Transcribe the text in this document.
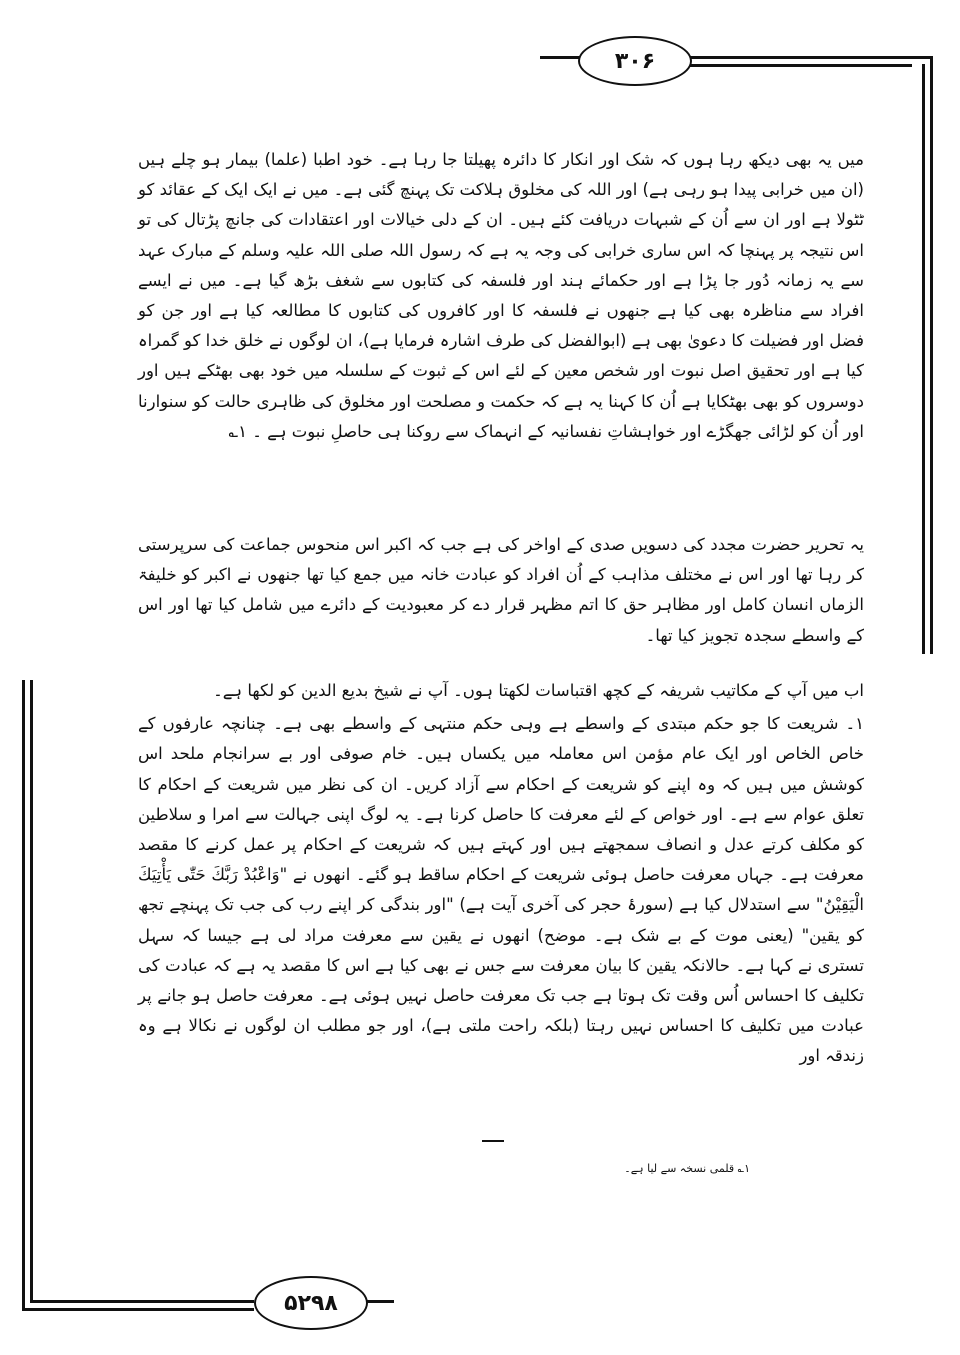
۳۰۶

میں یہ بھی دیکھ رہا ہوں کہ شک اور انکار کا دائرہ پھیلتا جا رہا ہے۔ خود اطبا (علما) بیمار ہو چلے ہیں (ان میں خرابی پیدا ہو رہی ہے) اور اللہ کی مخلوق ہلاکت تک پہنچ گئی ہے۔ میں نے ایک ایک کے عقائد کو ٹٹولا ہے اور ان سے اُن کے شبہات دریافت کئے ہیں۔ ان کے دلی خیالات اور اعتقادات کی جانچ پڑتال کی تو اس نتیجہ پر پہنچا کہ اس ساری خرابی کی وجہ یہ ہے کہ رسول اللہ صلی اللہ علیہ وسلم کے مبارک عہد سے یہ زمانہ دُور جا پڑا ہے اور حکمائے ہند اور فلسفہ کی کتابوں سے شغف بڑھ گیا ہے۔ میں نے ایسے افراد سے مناظرہ بھی کیا ہے جنھوں نے فلسفہ کا اور کافروں کی کتابوں کا مطالعہ کیا ہے اور جن کو فضل اور فضیلت کا دعویٰ بھی ہے (ابوالفضل کی طرف اشارہ فرمایا ہے)، ان لوگوں نے خلق خدا کو گمراہ کیا ہے اور تحقیق اصل نبوت اور شخص معین کے لئے اس کے ثبوت کے سلسلہ میں خود بھی بھٹکے ہیں اور دوسروں کو بھی بھٹکایا ہے اُن کا کہنا یہ ہے کہ حکمت و مصلحت اور مخلوق کی ظاہری حالت کو سنوارنا اور اُن کو لڑائی جھگڑے اور خواہشاتِ نفسانیہ کے انہماک سے روکنا ہی حاصلِ نبوت ہے ۔ ۱؎

یہ تحریر حضرت مجدد کی دسویں صدی کے اواخر کی ہے جب کہ اکبر اس منحوس جماعت کی سرپرستی کر رہا تھا اور اس نے مختلف مذاہب کے اُن افراد کو عبادت خانہ میں جمع کیا تھا جنھوں نے اکبر کو خلیفۃ الزماں انسان کامل اور مظاہر حق کا اتم مظہر قرار دے کر معبودیت کے دائرے میں شامل کیا تھا اور اس کے واسطے سجدہ تجویز کیا تھا۔

اب میں آپ کے مکاتیب شریفہ کے کچھ اقتباسات لکھتا ہوں۔ آپ نے شیخ بدیع الدین کو لکھا ہے۔

۱۔ شریعت کا جو حکم مبتدی کے واسطے ہے وہی حکم منتہی کے واسطے بھی ہے۔ چنانچہ عارفوں کے خاص الخاص اور ایک عام مؤمن اس معاملہ میں یکساں ہیں۔ خام صوفی اور بے سرانجام ملحد اس کوشش میں ہیں کہ وہ اپنے کو شریعت کے احکام سے آزاد کریں۔ ان کی نظر میں شریعت کے احکام کا تعلق عوام سے ہے۔ اور خواص کے لئے معرفت کا حاصل کرنا ہے۔ یہ لوگ اپنی جہالت سے امرا و سلاطین کو مکلف کرتے عدل و انصاف سمجھتے ہیں اور کہتے ہیں کہ شریعت کے احکام پر عمل کرنے کا مقصد معرفت ہے۔ جہاں معرفت حاصل ہوئی شریعت کے احکام ساقط ہو گئے۔ انھوں نے "وَاعْبُدْ رَبَّكَ حَتّٰى يَأْتِيَكَ الْيَقِيْنُ" سے استدلال کیا ہے (سورۂ حجر کی آخری آیت ہے) "اور بندگی کر اپنے رب کی جب تک پہنچے تجھ کو یقین" (یعنی موت کے بے شک ہے۔ موضح) انھوں نے یقین سے معرفت مراد لی ہے جیسا کہ سہل تستری نے کہا ہے۔ حالانکہ یقین کا بیان معرفت سے جس نے بھی کیا ہے اس کا مقصد یہ ہے کہ عبادت کی تکلیف کا احساس اُس وقت تک ہوتا ہے جب تک معرفت حاصل نہیں ہوئی ہے۔ معرفت حاصل ہو جانے پر عبادت میں تکلیف کا احساس نہیں رہتا (بلکہ راحت ملتی ہے)، اور جو مطلب ان لوگوں نے نکالا ہے وہ زندقہ اور

۱؎ قلمی نسخہ سے لیا ہے۔
۵۲۹۸
